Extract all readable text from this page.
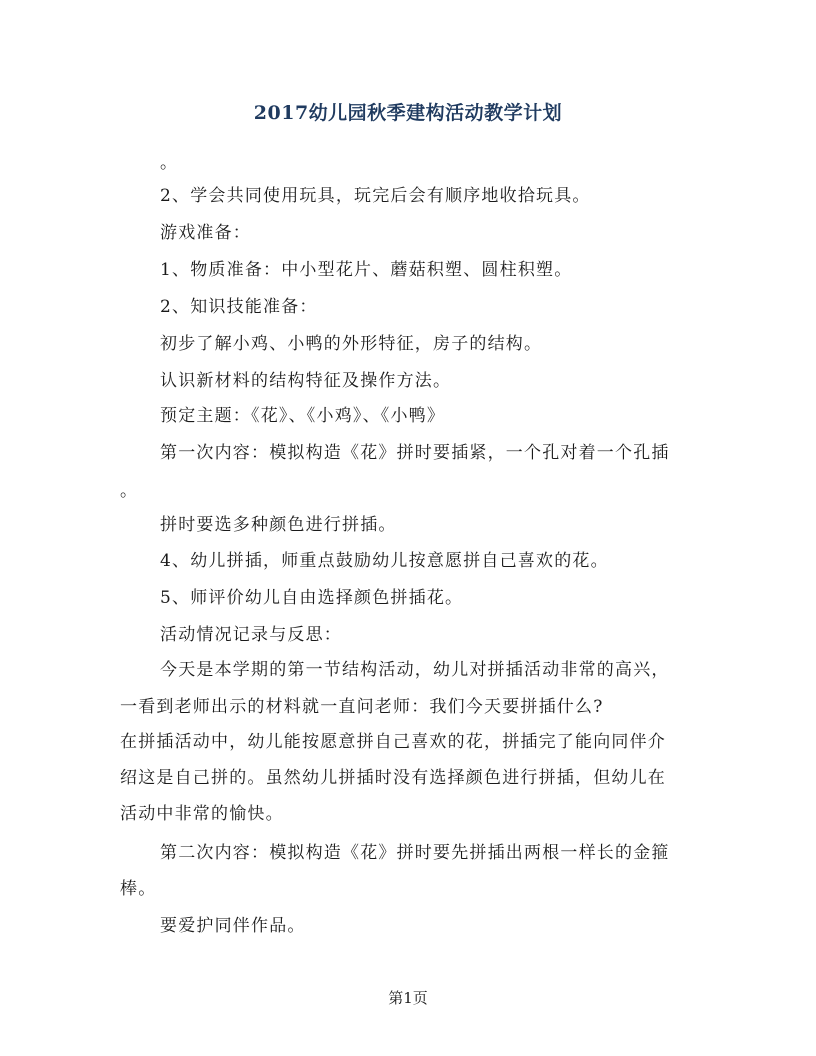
2017幼儿园秋季建构活动教学计划
。
2、学会共同使用玩具，玩完后会有顺序地收拾玩具。
游戏准备：
1、物质准备：中小型花片、蘑菇积塑、圆柱积塑。
2、知识技能准备：
初步了解小鸡、小鸭的外形特征，房子的结构。
认识新材料的结构特征及操作方法。
预定主题：《花》、《小鸡》、《小鸭》
第一次内容：模拟构造《花》拼时要插紧，一个孔对着一个孔插
。
拼时要选多种颜色进行拼插。
4、幼儿拼插，师重点鼓励幼儿按意愿拼自己喜欢的花。
5、师评价幼儿自由选择颜色拼插花。
活动情况记录与反思：
今天是本学期的第一节结构活动，幼儿对拼插活动非常的高兴，
一看到老师出示的材料就一直问老师：我们今天要拼插什么?
在拼插活动中，幼儿能按愿意拼自己喜欢的花，拼插完了能向同伴介
绍这是自己拼的。虽然幼儿拼插时没有选择颜色进行拼插，但幼儿在
活动中非常的愉快。
第二次内容：模拟构造《花》拼时要先拼插出两根一样长的金箍
棒。
要爱护同伴作品。
第1页
